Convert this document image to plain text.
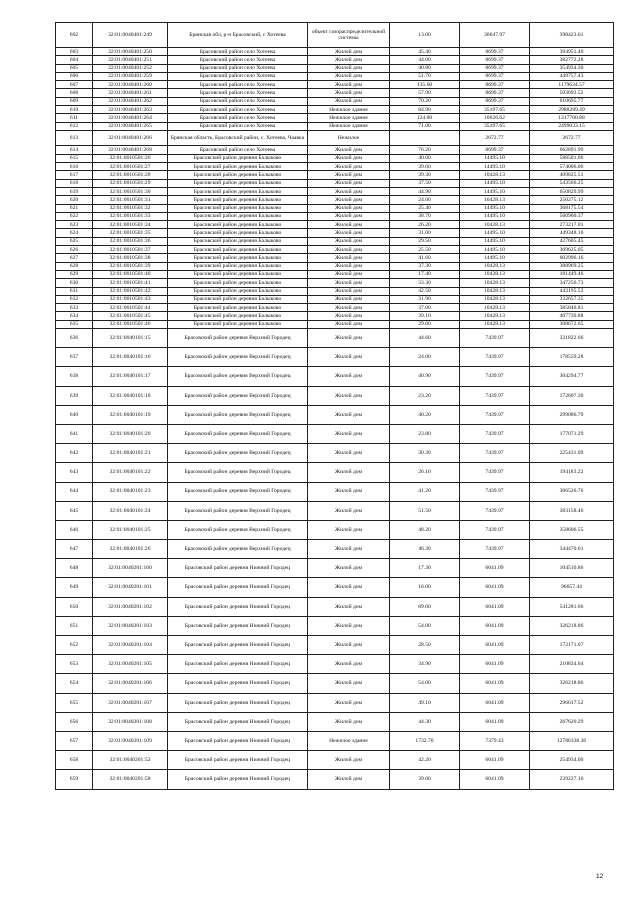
602	32:01:0040401:249	Брянская обл, р-н Брасовский, с Хотеева	объект газораспределительной системы	13.00	30647.97	398423.61
603	32:01:0040401:250	Брасовский район село Хотеева	Жилой дом	45.40	8699.37	394951.40
604	32:01:0040401:251	Брасовский район село Хотеева	Жилой дом	44.00	8699.37	382772.28
605	32:01:0040401:252	Брасовский район село Хотеева	Жилой дом	40.80	8699.37	354934.30
606	32:01:0040401:259	Брасовский район село Хотеева	Жилой дом	51.70	8699.37	449757.43
607	32:01:0040401:260	Брасовский район село Хотеева	Жилой дом	135.60	8699.37	1179634.57
608	32:01:0040401:261	Брасовский район село Хотеева	Жилой дом	57.90	8699.37	503693.52
609	32:01:0040401:262	Брасовский район село Хотеева	Жилой дом	70.20	8699.37	610695.77
610	32:01:0040401:263	Брасовский район село Хотеева	Нежилое здание	84.90	35197.65	2988289.49
611	32:01:0040401:264	Брасовский район село Хотеева	Нежилое здание	124.00	10626.62	1317700.88
612	32:01:0040401:265	Брасовский район село Хотеева	Нежилое здание	71.00	35197.65	2499033.15
613	32:01:0040401:266	Брянская область, Брасовский район, с. Хотеева, Чаавка	Нежилое		2672.77	2672.77
614	32:01:0040401:268	Брасовский район село Хотеева	Жилой дом	76.20	8699.37	662891.99
615	32:01:0010501:26	Брасовский район деревня Балыково	Жилой дом	40.60	14495.10	588501.06
616	32:01:0010501:27	Брасовский район деревня Балыково	Жилой дом	39.60	14495.10	574006.06
617	32:01:0010501:28	Брасовский район деревня Балыково	Жилой дом	39.30	10428.13	409825.51
618	32:01:0010501:29	Брасовский район деревня Балыково	Жилой дом	37.50	14495.10	543566.25
619	32:01:0010501:30	Брасовский район деревня Балыково	Жилой дом	44.90	14495.10	650829.99
620	32:01:0010501:31	Брасовский район деревня Балыково	Жилой дом	24.00	10428.13	250275.12
621	32:01:0010501:32	Брасовский район деревня Балыково	Жилой дом	25.40	14495.10	368175.54
622	32:01:0010501:33	Брасовский район деревня Балыково	Жилой дом	38.70	14495.10	560960.37
623	32:01:0010501:34	Брасовский район деревня Балыково	Жилой дом	26.20	10428.13	273217.01
624	32:01:0010501:35	Брасовский район деревня Балыково	Жилой дом	31.00	14495.10	449348.10
625	32:01:0010501:36	Брасовский район деревня Балыково	Жилой дом	29.50	14495.10	427605.45
626	32:01:0010501:37	Брасовский район деревня Балыково	Жилой дом	25.50	14495.10	369625.05
627	32:01:0010501:38	Брасовский район деревня Балыково	Жилой дом	41.60	14495.10	602996.16
628	32:01:0010501:39	Брасовский район деревня Балыково	Жилой дом	37.30	10428.13	388969.25
629	32:01:0010501:40	Брасовский район деревня Балыково	Жилой дом	17.40	10428.13	181449.46
630	32:01:0010501:41	Брасовский район деревня Балыково	Жилой дом	33.30	10428.13	347256.73
631	32:01:0010501:42	Брасовский район деревня Балыково	Жилой дом	42.50	10428.13	443195.53
632	32:01:0010501:43	Брасовский район деревня Балыково	Жилой дом	31.90	10428.13	332657.35
633	32:01:0010501:44	Брасовский район деревня Балыково	Жилой дом	37.00	10428.13	385840.81
634	32:01:0010501:45	Брасовский район деревня Балыково	Жилой дом	39.10	10428.13	407739.88
635	32:01:0010501:46	Брасовский район деревня Балыково	Жилой дом	29.60	10428.13	308672.65
636	32:01:0040101:15	Брасовский район деревня Верхний Городец	Жилой дом	44.60	7439.97	331822.66
637	32:01:0040101:16	Брасовский район деревня Верхний Городец	Жилой дом	24.00	7439.97	178559.28
638	32:01:0040101:17	Брасовский район деревня Верхний Городец	Жилой дом	40.90	7439.97	304294.77
639	32:01:0040101:18	Брасовский район деревня Верхний Городец	Жилой дом	23.20	7439.97	172607.30
640	32:01:0040101:19	Брасовский район деревня Верхний Городец	Жилой дом	40.20	7439.97	299086.79
641	32:01:0040101:20	Брасовский район деревня Верхний Городец	Жилой дом	23.80	7439.97	177071.29
642	32:01:0040101:21	Брасовский район деревня Верхний Городец	Жилой дом	30.30	7439.97	225431.09
643	32:01:0040101:22	Брасовский район деревня Верхний Городец	Жилой дом	26.10	7439.97	194183.22
644	32:01:0040101:23	Брасовский район деревня Верхний Городец	Жилой дом	41.20	7439.97	306526.76
645	32:01:0040101:24	Брасовский район деревня Верхний Городец	Жилой дом	51.50	7439.97	383158.46
646	32:01:0040101:25	Брасовский район деревня Верхний Городец	Жилой дом	48.20	7439.97	358606.55
647	32:01:0040101:26	Брасовский район деревня Верхний Городец	Жилой дом	46.30	7439.97	344470.61
648	32:01:0040201:100	Брасовский район деревня Нижний Городец	Жилой дом	17.30	6041.09	104510.86
649	32:01:0040201:101	Брасовский район деревня Нижний Городец	Жилой дом	16.00	6041.09	96657.44
650	32:01:0040201:102	Брасовский район деревня Нижний Городец	Жилой дом	89.60	6041.09	541281.66
651	32:01:0040201:103	Брасовский район деревня Нижний Городец	Жилой дом	54.00	6041.09	326218.86
652	32:01:0040201:104	Брасовский район деревня Нижний Городец	Жилой дом	28.50	6041.09	172171.07
653	32:01:0040201:105	Брасовский район деревня Нижний Городец	Жилой дом	34.90	6041.09	210834.04
654	32:01:0040201:106	Брасовский район деревня Нижний Городец	Жилой дом	54.00	6041.09	326218.86
655	32:01:0040201:107	Брасовский район деревня Нижний Городец	Жилой дом	49.10	6041.09	296617.52
656	32:01:0040201:108	Брасовский район деревня Нижний Городец	Жилой дом	44.30	6041.09	267620.29
657	32:01:0040201:109	Брасовский район деревня Нижний Городец	Нежилое здание	1732.70	7379.43	12786338.36
658	32:01:0040201:52	Брасовский район деревня Нижний Городец	Жилой дом	42.20	6041.09	254934.00
659	32:01:0040201:58	Брасовский район деревня Нижний Городец	Жилой дом	39.60	6041.09	239227.16
12
